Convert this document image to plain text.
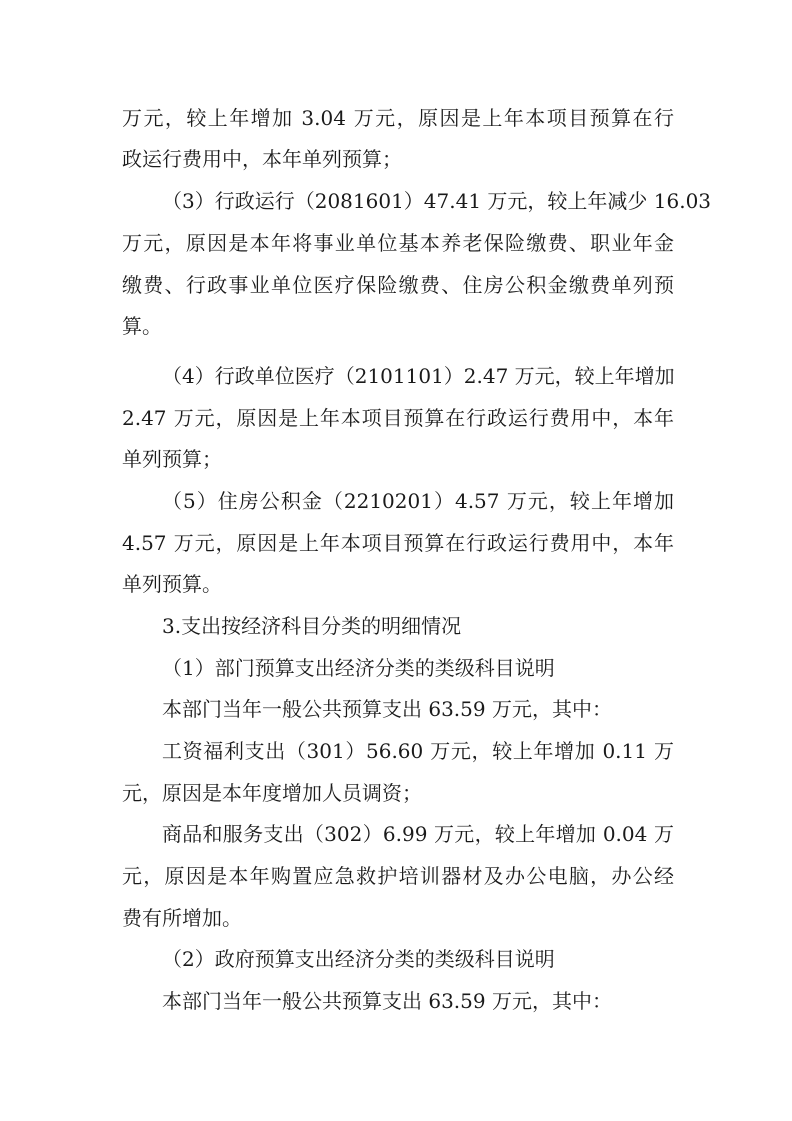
万元，较上年增加 3.04 万元，原因是上年本项目预算在行
政运行费用中，本年单列预算；
（3）行政运行（2081601）47.41 万元，较上年减少 16.03
万元，原因是本年将事业单位基本养老保险缴费、职业年金
缴费、行政事业单位医疗保险缴费、住房公积金缴费单列预
算。
（4）行政单位医疗（2101101）2.47 万元，较上年增加
2.47 万元，原因是上年本项目预算在行政运行费用中，本年
单列预算；
（5）住房公积金（2210201）4.57 万元，较上年增加
4.57 万元，原因是上年本项目预算在行政运行费用中，本年
单列预算。
3.支出按经济科目分类的明细情况
（1）部门预算支出经济分类的类级科目说明
本部门当年一般公共预算支出 63.59 万元，其中：
工资福利支出（301）56.60 万元，较上年增加 0.11 万
元，原因是本年度增加人员调资；
商品和服务支出（302）6.99 万元，较上年增加 0.04 万
元，原因是本年购置应急救护培训器材及办公电脑，办公经
费有所增加。
（2）政府预算支出经济分类的类级科目说明
本部门当年一般公共预算支出 63.59 万元，其中：
